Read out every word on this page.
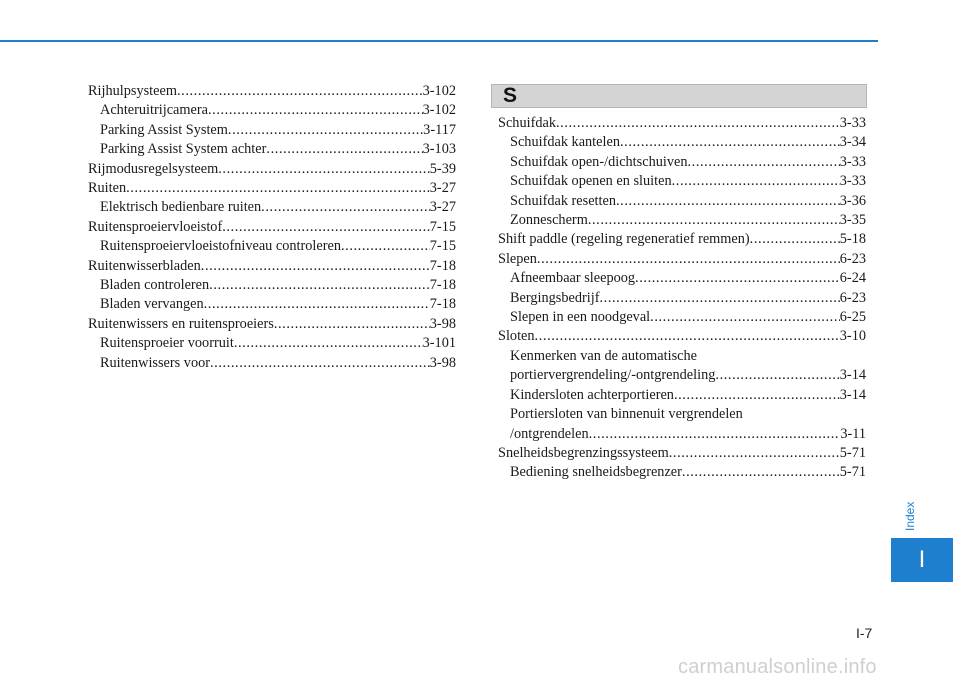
Rijhulpsysteem .....	3-102
Achteruitrijcamera .....	3-102
Parking Assist System .....	3-117
Parking Assist System achter .....	3-103
Rijmodusregelsysteem .....	5-39
Ruiten .....	3-27
Elektrisch bedienbare ruiten .....	3-27
Ruitensproeiervloeistof .....	7-15
Ruitensproeiervloeistofniveau controleren .....	7-15
Ruitenwisserbladen .....	7-18
Bladen controleren .....	7-18
Bladen vervangen .....	7-18
Ruitenwissers en ruitensproeiers .....	3-98
Ruitensproeier voorruit .....	3-101
Ruitenwissers voor .....	3-98
S
Schuifdak .....	3-33
Schuifdak kantelen .....	3-34
Schuifdak open-/dichtschuiven .....	3-33
Schuifdak openen en sluiten .....	3-33
Schuifdak resetten .....	3-36
Zonnescherm .....	3-35
Shift paddle (regeling regeneratief remmen) .....	5-18
Slepen .....	6-23
Afneembaar sleepoog .....	6-24
Bergingsbedrijf .....	6-23
Slepen in een noodgeval .....	6-25
Sloten .....	3-10
Kenmerken van de automatische
portiervergrendeling/-ontgrendeling .....	3-14
Kindersloten achterportieren .....	3-14
Portiersloten van binnenuit vergrendelen
/ontgrendelen .....	3-11
Snelheidsbegrenzingssysteem .....	5-71
Bediening snelheidsbegrenzer .....	5-71
Index
I
I-7
carmanualsonline.info
